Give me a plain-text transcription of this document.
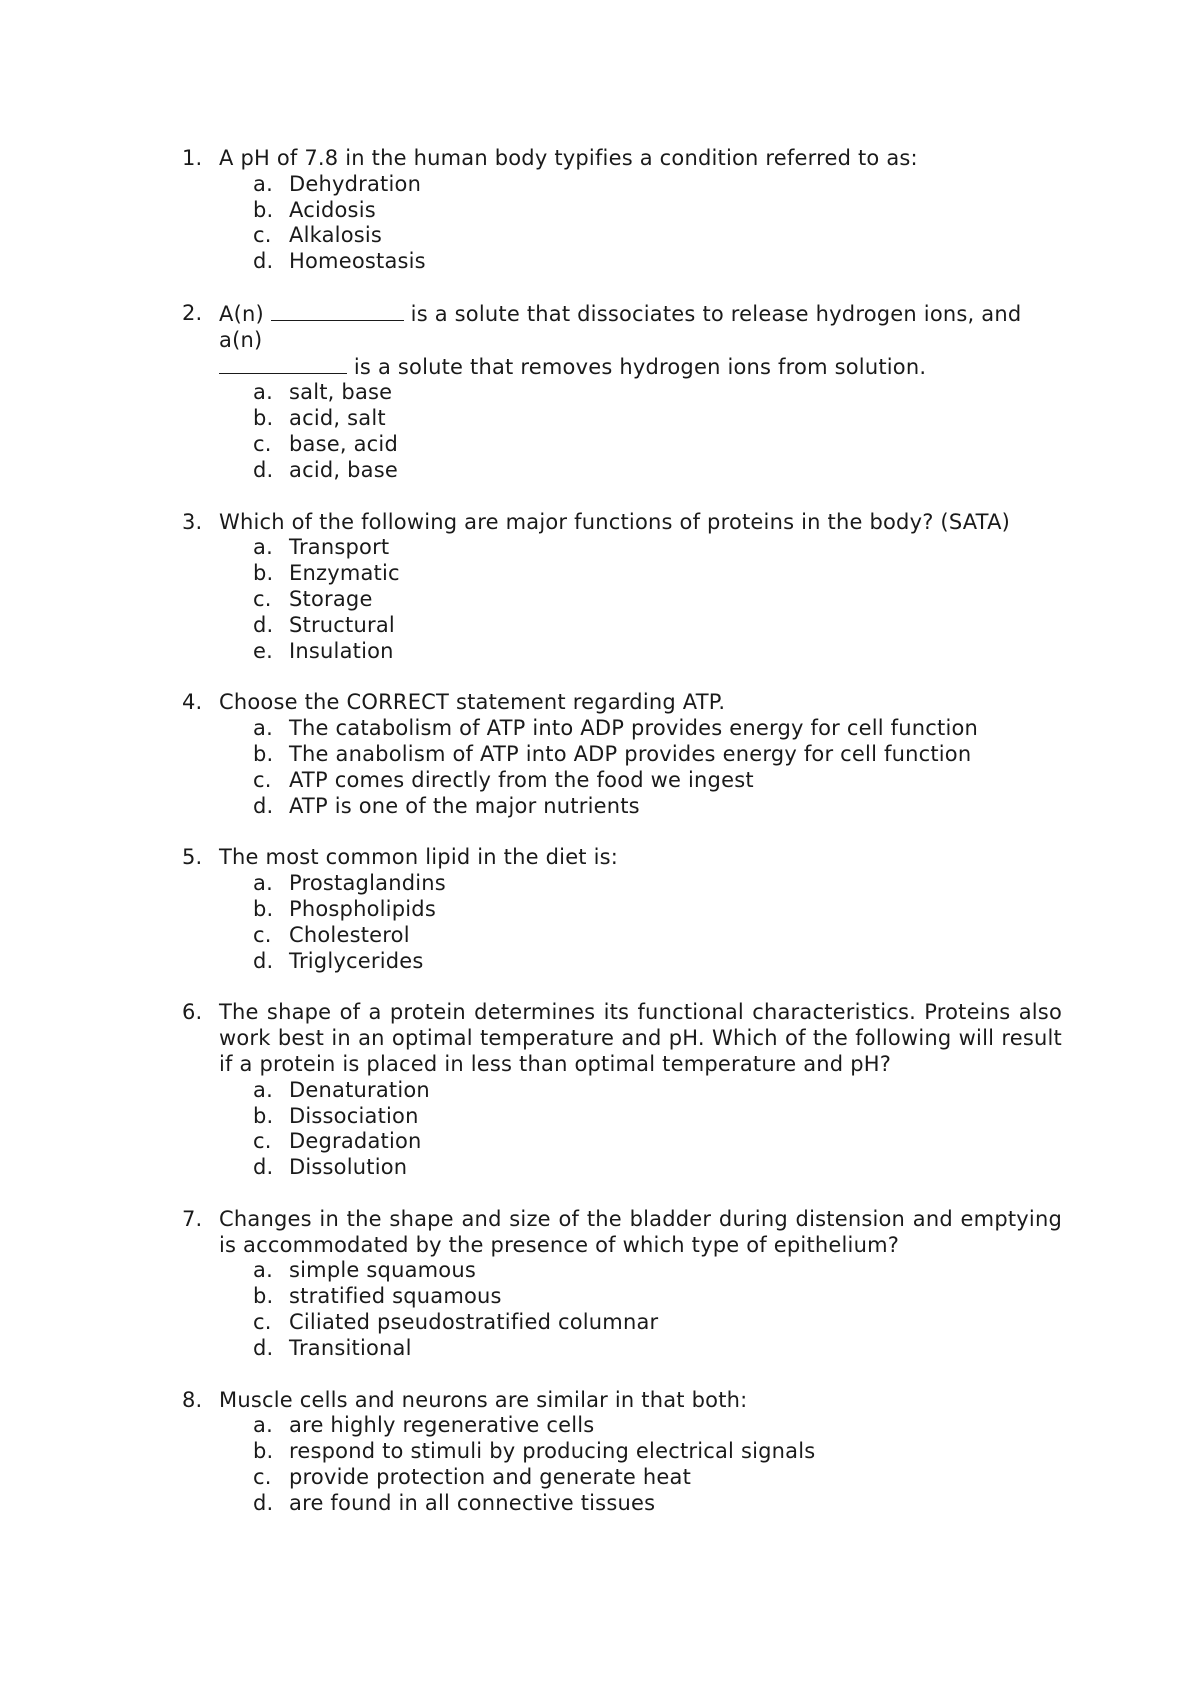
1. A pH of 7.8 in the human body typifies a condition referred to as:
a. Dehydration
b. Acidosis
c. Alkalosis
d. Homeostasis
2. A(n)	is a solute that dissociates to release hydrogen ions, and a(n)
is a solute that removes hydrogen ions from solution.
a. salt, base
b. acid, salt
c. base, acid
d. acid, base
3. Which of the following are major functions of proteins in the body? (SATA)
a. Transport
b. Enzymatic
c. Storage
d. Structural
e. Insulation
4. Choose the CORRECT statement regarding ATP.
a. The catabolism of ATP into ADP provides energy for cell function
b. The anabolism of ATP into ADP provides energy for cell function
c. ATP comes directly from the food we ingest
d. ATP is one of the major nutrients
5. The most common lipid in the diet is:
a. Prostaglandins
b. Phospholipids
c. Cholesterol
d. Triglycerides
6. The shape of a protein determines its functional characteristics. Proteins also work best in an optimal temperature and pH. Which of the following will result if a protein is placed in less than optimal temperature and pH?
a. Denaturation
b. Dissociation
c. Degradation
d. Dissolution
7. Changes in the shape and size of the bladder during distension and emptying is accommodated by the presence of which type of epithelium?
a. simple squamous
b. stratified squamous
c. Ciliated pseudostratified columnar
d. Transitional
8. Muscle cells and neurons are similar in that both:
a. are highly regenerative cells
b. respond to stimuli by producing electrical signals
c. provide protection and generate heat
d. are found in all connective tissues
